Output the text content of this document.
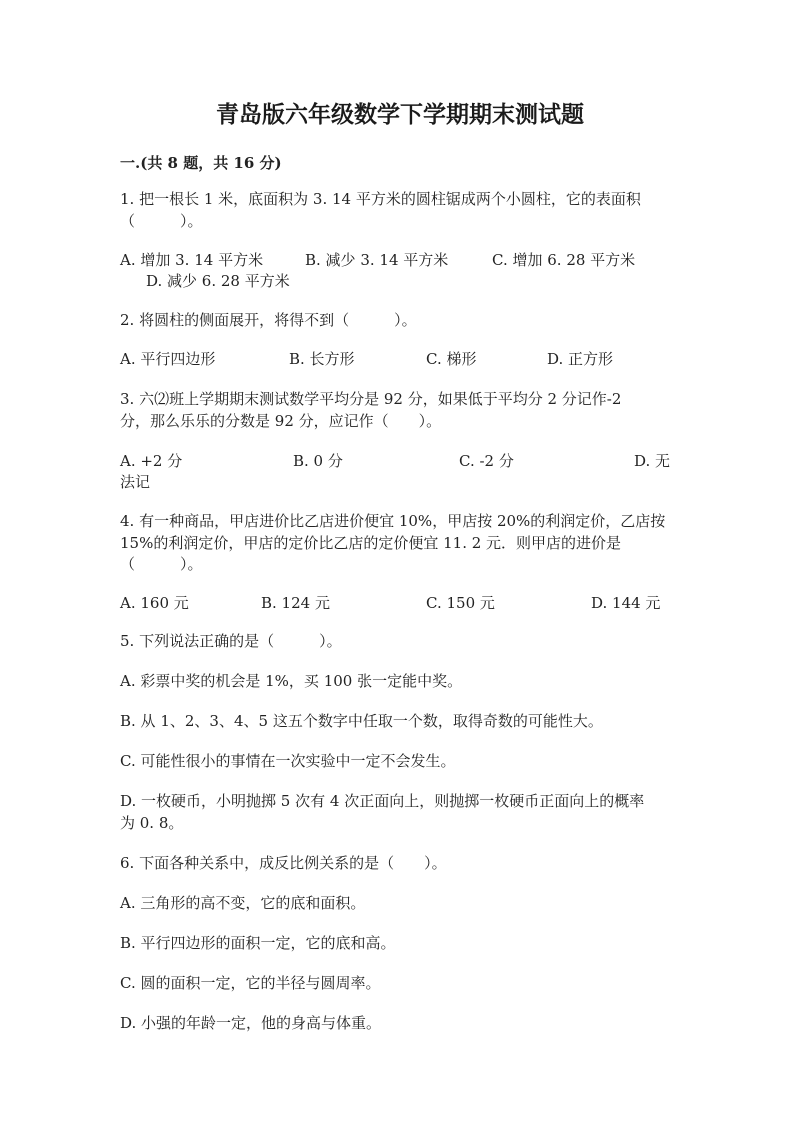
青岛版六年级数学下学期期末测试题
一.(共 8 题，共 16 分)
1. 把一根长 1 米，底面积为 3. 14 平方米的圆柱锯成两个小圆柱，它的表面积
（　　　）。
A. 增加 3. 14 平方米	B. 减少 3. 14 平方米	C. 增加 6. 28 平方米
D. 减少 6. 28 平方米
2. 将圆柱的侧面展开，将得不到（　　　）。
A. 平行四边形	B. 长方形	C. 梯形	D. 正方形
3. 六⑵班上学期期末测试数学平均分是 92 分，如果低于平均分 2 分记作-2
分，那么乐乐的分数是 92 分，应记作（　　）。
A. +2 分	B. 0 分	C. -2 分	D. 无
法记
4. 有一种商品，甲店进价比乙店进价便宜 10%，甲店按 20%的利润定价，乙店按
15%的利润定价，甲店的定价比乙店的定价便宜 11. 2 元．则甲店的进价是
（　　　）。
A. 160 元	B. 124 元	C. 150 元	D. 144 元
5. 下列说法正确的是（　　　）。
A. 彩票中奖的机会是 1%，买 100 张一定能中奖。
B. 从 1、2、3、4、5 这五个数字中任取一个数，取得奇数的可能性大。
C. 可能性很小的事情在一次实验中一定不会发生。
D. 一枚硬币，小明抛掷 5 次有 4 次正面向上，则抛掷一枚硬币正面向上的概率
为 0. 8。
6. 下面各种关系中，成反比例关系的是（　　）。
A. 三角形的高不变，它的底和面积。
B. 平行四边形的面积一定，它的底和高。
C. 圆的面积一定，它的半径与圆周率。
D. 小强的年龄一定，他的身高与体重。
